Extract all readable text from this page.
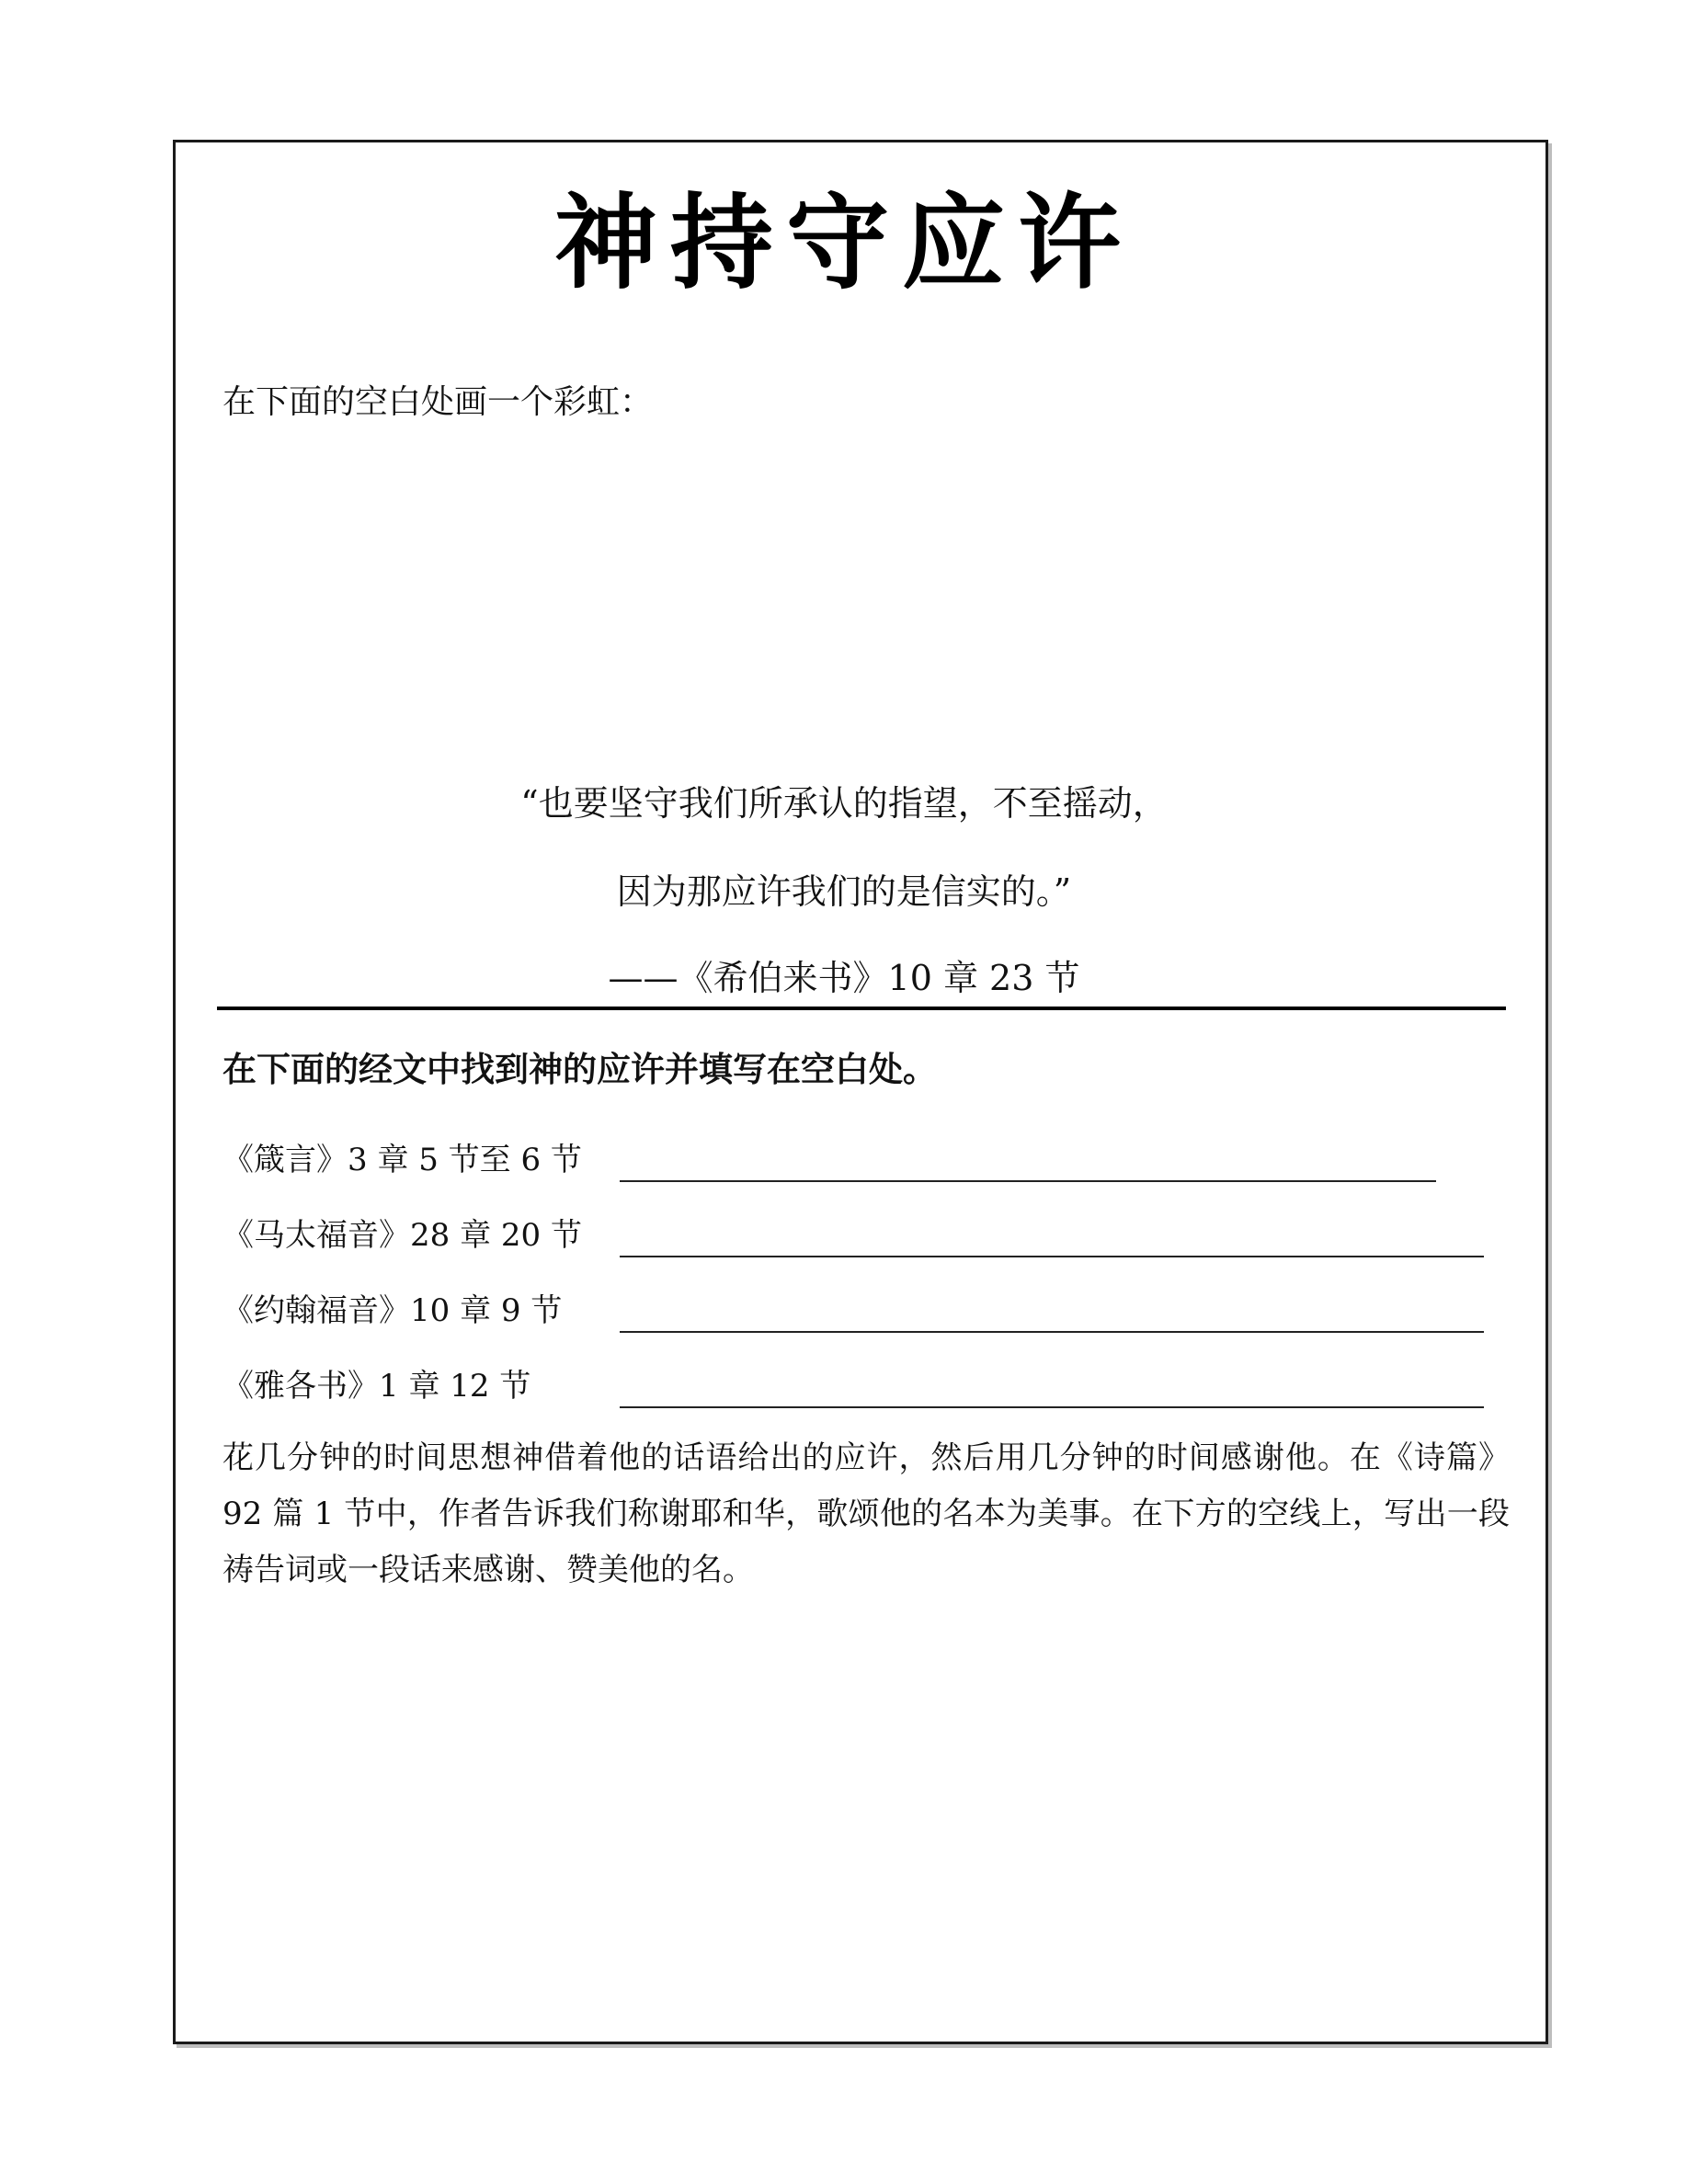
神持守应许
在下面的空白处画一个彩虹：
“也要坚守我们所承认的指望，不至摇动，
因为那应许我们的是信实的。”
——《希伯来书》10 章 23 节
在下面的经文中找到神的应许并填写在空白处。
《箴言》3 章 5 节至 6 节
《马太福音》28 章 20 节
《约翰福音》10 章 9 节
《雅各书》1 章 12 节
花几分钟的时间思想神借着他的话语给出的应许，然后用几分钟的时间感谢他。在《诗篇》92 篇 1 节中，作者告诉我们称谢耶和华，歌颂他的名本为美事。在下方的空线上，写出一段祷告词或一段话来感谢、赞美他的名。
